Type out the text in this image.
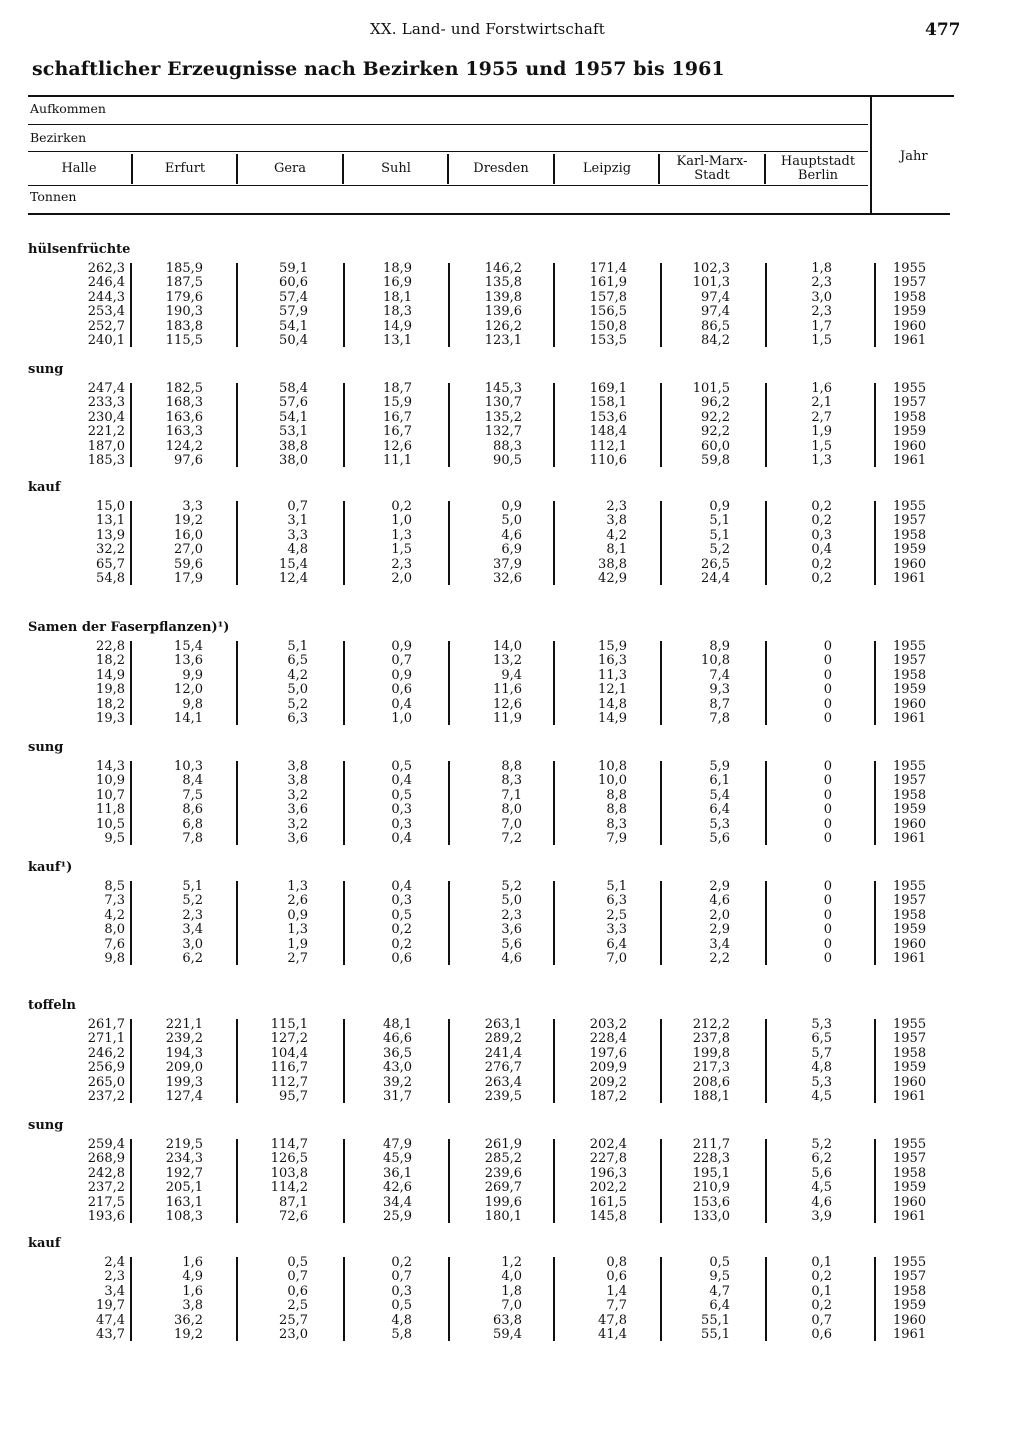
XX. Land- und Forstwirtschaft	477
schaftlicher Erzeugnisse nach Bezirken 1955 und 1957 bis 1961
Aufkommen
Bezirken
Tonnen
Jahr
Halle	Erfurt	Gera	Suhl	Dresden	Leipzig	Karl-Marx-
Stadt
Hauptstadt
Berlin
hülsenfrüchte
262,3	185,9	59,1	18,9	146,2	171,4	102,3	1,8	1955
246,4	187,5	60,6	16,9	135,8	161,9	101,3	2,3	1957
244,3	179,6	57,4	18,1	139,8	157,8	97,4	3,0	1958
253,4	190,3	57,9	18,3	139,6	156,5	97,4	2,3	1959
252,7	183,8	54,1	14,9	126,2	150,8	86,5	1,7	1960
240,1	115,5	50,4	13,1	123,1	153,5	84,2	1,5	1961
sung
247,4	182,5	58,4	18,7	145,3	169,1	101,5	1,6	1955
233,3	168,3	57,6	15,9	130,7	158,1	96,2	2,1	1957
230,4	163,6	54,1	16,7	135,2	153,6	92,2	2,7	1958
221,2	163,3	53,1	16,7	132,7	148,4	92,2	1,9	1959
187,0	124,2	38,8	12,6	88,3	112,1	60,0	1,5	1960
185,3	97,6	38,0	11,1	90,5	110,6	59,8	1,3	1961
kauf
15,0	3,3	0,7	0,2	0,9	2,3	0,9	0,2	1955
13,1	19,2	3,1	1,0	5,0	3,8	5,1	0,2	1957
13,9	16,0	3,3	1,3	4,6	4,2	5,1	0,3	1958
32,2	27,0	4,8	1,5	6,9	8,1	5,2	0,4	1959
65,7	59,6	15,4	2,3	37,9	38,8	26,5	0,2	1960
54,8	17,9	12,4	2,0	32,6	42,9	24,4	0,2	1961
Samen der Faserpflanzen)¹)
22,8	15,4	5,1	0,9	14,0	15,9	8,9	0	1955
18,2	13,6	6,5	0,7	13,2	16,3	10,8	0	1957
14,9	9,9	4,2	0,9	9,4	11,3	7,4	0	1958
19,8	12,0	5,0	0,6	11,6	12,1	9,3	0	1959
18,2	9,8	5,2	0,4	12,6	14,8	8,7	0	1960
19,3	14,1	6,3	1,0	11,9	14,9	7,8	0	1961
sung
14,3	10,3	3,8	0,5	8,8	10,8	5,9	0	1955
10,9	8,4	3,8	0,4	8,3	10,0	6,1	0	1957
10,7	7,5	3,2	0,5	7,1	8,8	5,4	0	1958
11,8	8,6	3,6	0,3	8,0	8,8	6,4	0	1959
10,5	6,8	3,2	0,3	7,0	8,3	5,3	0	1960
9,5	7,8	3,6	0,4	7,2	7,9	5,6	0	1961
kauf¹)
8,5	5,1	1,3	0,4	5,2	5,1	2,9	0	1955
7,3	5,2	2,6	0,3	5,0	6,3	4,6	0	1957
4,2	2,3	0,9	0,5	2,3	2,5	2,0	0	1958
8,0	3,4	1,3	0,2	3,6	3,3	2,9	0	1959
7,6	3,0	1,9	0,2	5,6	6,4	3,4	0	1960
9,8	6,2	2,7	0,6	4,6	7,0	2,2	0	1961
toffeln
261,7	221,1	115,1	48,1	263,1	203,2	212,2	5,3	1955
271,1	239,2	127,2	46,6	289,2	228,4	237,8	6,5	1957
246,2	194,3	104,4	36,5	241,4	197,6	199,8	5,7	1958
256,9	209,0	116,7	43,0	276,7	209,9	217,3	4,8	1959
265,0	199,3	112,7	39,2	263,4	209,2	208,6	5,3	1960
237,2	127,4	95,7	31,7	239,5	187,2	188,1	4,5	1961
sung
259,4	219,5	114,7	47,9	261,9	202,4	211,7	5,2	1955
268,9	234,3	126,5	45,9	285,2	227,8	228,3	6,2	1957
242,8	192,7	103,8	36,1	239,6	196,3	195,1	5,6	1958
237,2	205,1	114,2	42,6	269,7	202,2	210,9	4,5	1959
217,5	163,1	87,1	34,4	199,6	161,5	153,6	4,6	1960
193,6	108,3	72,6	25,9	180,1	145,8	133,0	3,9	1961
kauf
2,4	1,6	0,5	0,2	1,2	0,8	0,5	0,1	1955
2,3	4,9	0,7	0,7	4,0	0,6	9,5	0,2	1957
3,4	1,6	0,6	0,3	1,8	1,4	4,7	0,1	1958
19,7	3,8	2,5	0,5	7,0	7,7	6,4	0,2	1959
47,4	36,2	25,7	4,8	63,8	47,8	55,1	0,7	1960
43,7	19,2	23,0	5,8	59,4	41,4	55,1	0,6	1961
